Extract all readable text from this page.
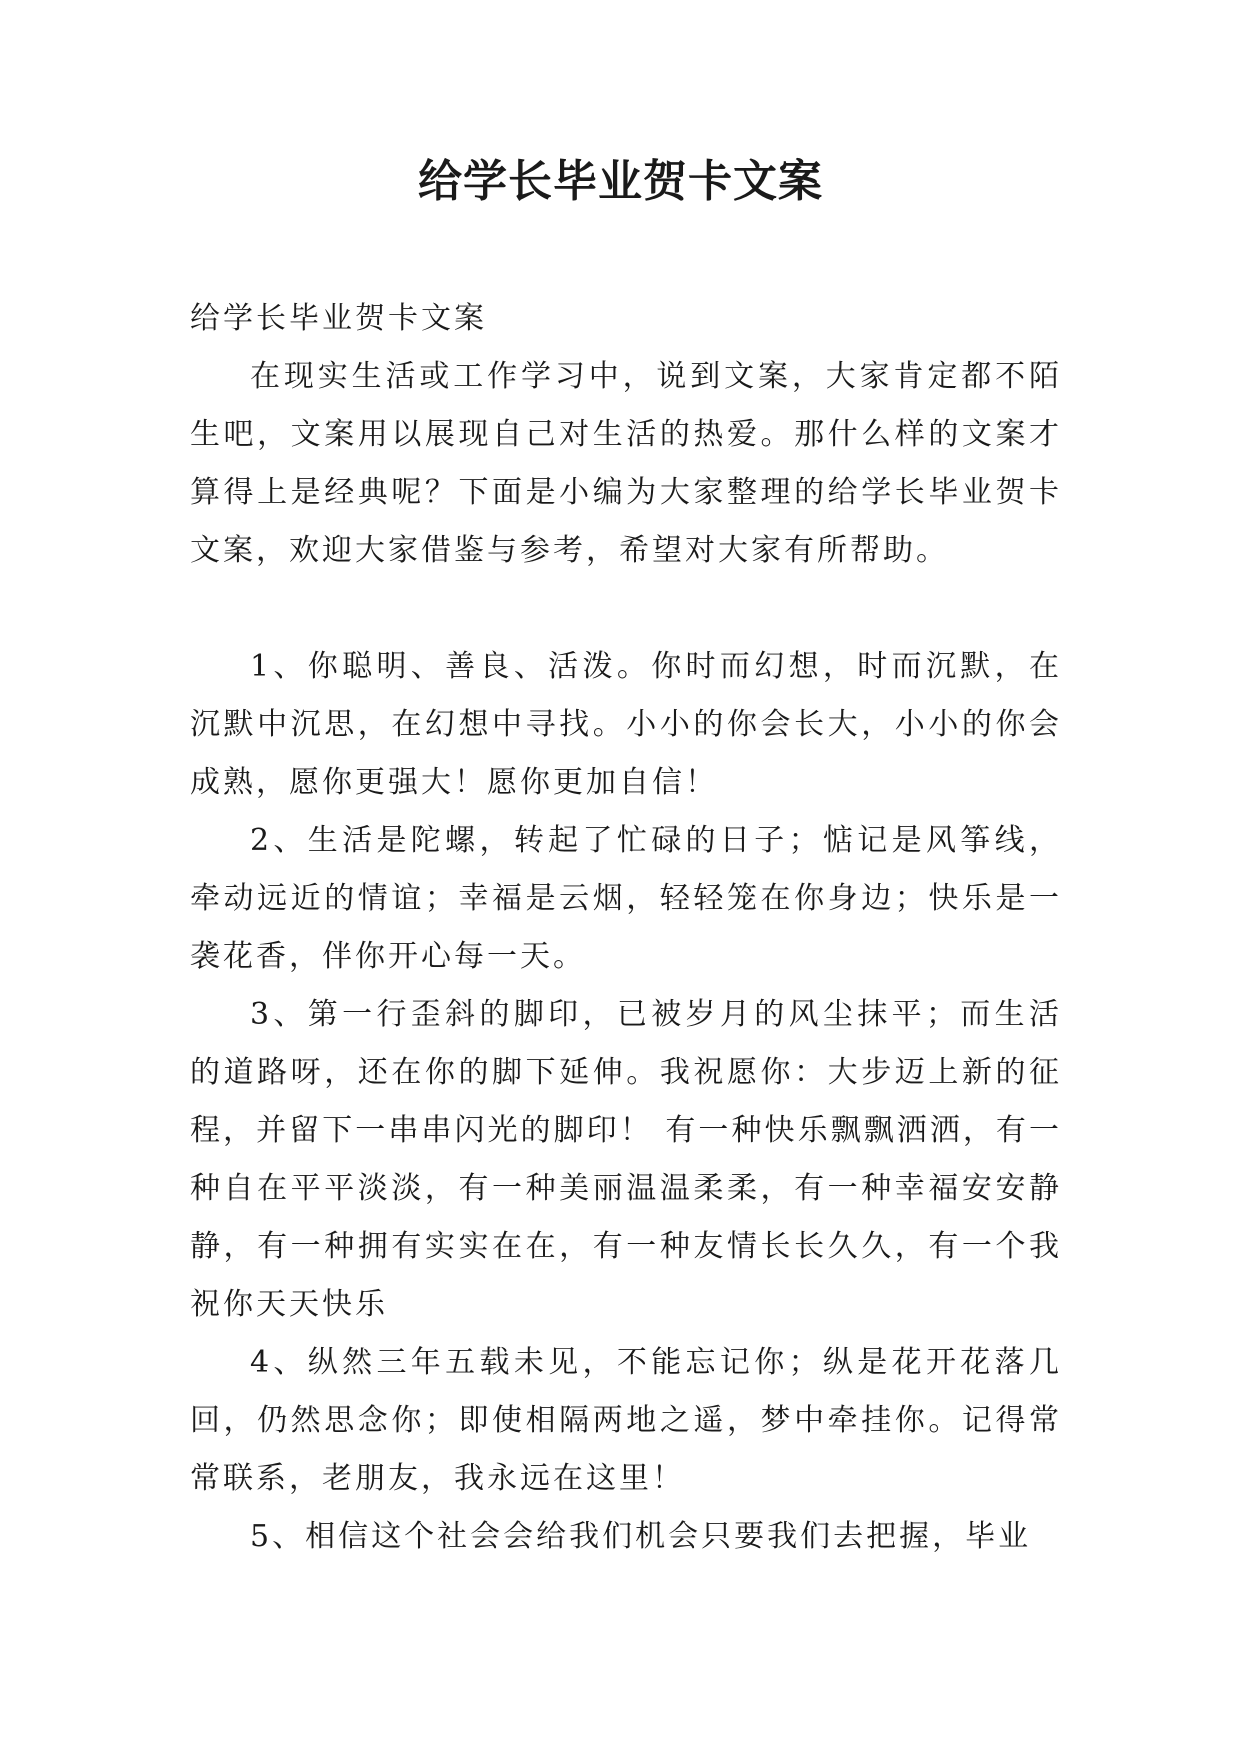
给学长毕业贺卡文案

给学长毕业贺卡文案

在现实生活或工作学习中，说到文案，大家肯定都不陌生吧，文案用以展现自己对生活的热爱。那什么样的文案才算得上是经典呢？下面是小编为大家整理的给学长毕业贺卡文案，欢迎大家借鉴与参考，希望对大家有所帮助。

1、你聪明、善良、活泼。你时而幻想，时而沉默，在沉默中沉思，在幻想中寻找。小小的你会长大，小小的你会成熟，愿你更强大！愿你更加自信！

2、生活是陀螺，转起了忙碌的日子；惦记是风筝线，牵动远近的情谊；幸福是云烟，轻轻笼在你身边；快乐是一袭花香，伴你开心每一天。

3、第一行歪斜的脚印，已被岁月的风尘抹平；而生活的道路呀，还在你的脚下延伸。我祝愿你：大步迈上新的征程，并留下一串串闪光的脚印！ 有一种快乐飘飘洒洒，有一种自在平平淡淡，有一种美丽温温柔柔，有一种幸福安安静静，有一种拥有实实在在，有一种友情长长久久，有一个我祝你天天快乐

4、纵然三年五载未见，不能忘记你；纵是花开花落几回，仍然思念你；即使相隔两地之遥，梦中牵挂你。记得常常联系，老朋友，我永远在这里！

5、相信这个社会会给我们机会只要我们去把握，毕业
